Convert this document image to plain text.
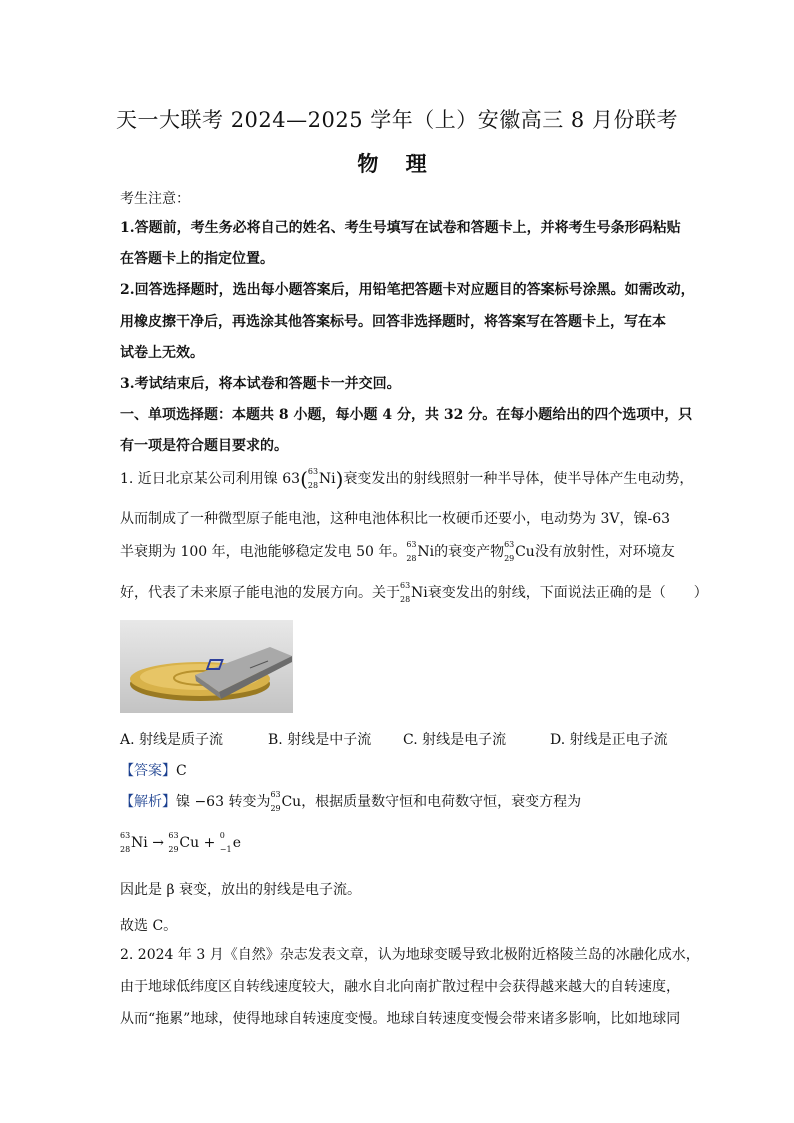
天一大联考 2024—2025 学年（上）安徽高三 8 月份联考
物 理
考生注意：
1.答题前，考生务必将自己的姓名、考生号填写在试卷和答题卡上，并将考生号条形码粘贴
在答题卡上的指定位置。
2.回答选择题时，选出每小题答案后，用铅笔把答题卡对应题目的答案标号涂黑。如需改动，
用橡皮擦干净后，再选涂其他答案标号。回答非选择题时，将答案写在答题卡上，写在本
试卷上无效。
3.考试结束后，将本试卷和答题卡一并交回。
一、单项选择题：本题共 8 小题，每小题 4 分，共 32 分。在每小题给出的四个选项中，只
有一项是符合题目要求的。
1. 近日北京某公司利用镍 63( 63
28 Ni)衰变发出的射线照射一种半导体，使半导体产生电动势，
从而制成了一种微型原子能电池，这种电池体积比一枚硬币还要小，电动势为 3V，镍-63
半衰期为 100 年，电池能够稳定发电 50 年。 63
28 Ni的衰变产物 63
29 Cu没有放射性，对环境友
好，代表了未来原子能电池的发展方向。关于 63
28 Ni衰变发出的射线，下面说法正确的是（　　）
A. 射线是质子流	B. 射线是中子流 C. 射线是电子流	D. 射线是正电子流
【答案】C
【解析】镍 −63 转变为 63
29 Cu，根据质量数守恒和电荷数守恒，衰变方程为
63
28 Ni → 63
29 Cu + 0
−1 e
因此是 β 衰变，放出的射线是电子流。
故选 C。
2. 2024 年 3 月《自然》杂志发表文章，认为地球变暖导致北极附近格陵兰岛的冰融化成水，
由于地球低纬度区自转线速度较大，融水自北向南扩散过程中会获得越来越大的自转速度，
从而“拖累”地球，使得地球自转速度变慢。地球自转速度变慢会带来诸多影响，比如地球同
